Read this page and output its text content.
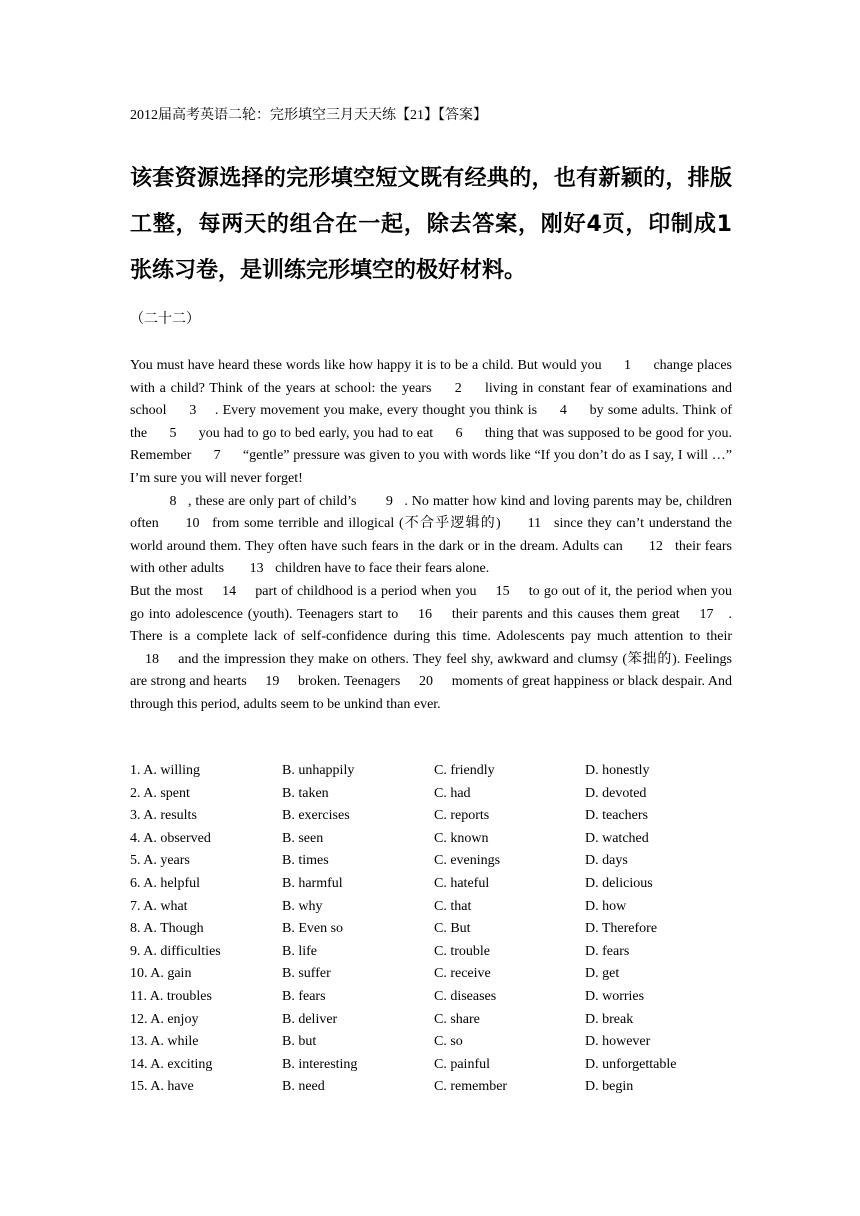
2012届高考英语二轮：完形填空三月天天练【21】【答案】
该套资源选择的完形填空短文既有经典的，也有新颖的，排版工整，每两天的组合在一起，除去答案，刚好4页，印制成1张练习卷，是训练完形填空的极好材料。
（二十二）

You must have heard these words like how happy it is to be a child. But would you 1 change places with a child? Think of the years at school: the years 2 living in constant fear of examinations and school 3 . Every movement you make, every thought you think is 4 by some adults. Think of the 5 you had to go to bed early, you had to eat 6 thing that was supposed to be good for you. Remember 7 “gentle” pressure was given to you with words like “If you don’t do as I say, I will …” I’m sure you will never forget!

8 , these are only part of child’s 9 . No matter how kind and loving parents may be, children often 10 from some terrible and illogical (不合乎逻辑的) 11 since they can’t understand the world around them. They often have such fears in the dark or in the dream. Adults can 12 their fears with other adults 13 children have to face their fears alone.

But the most 14 part of childhood is a period when you 15 to go out of it, the period when you go into adolescence (youth). Teenagers start to 16 their parents and this causes them great 17 . There is a complete lack of self-confidence during this time. Adolescents pay much attention to their 18 and the impression they make on others. They feel shy, awkward and clumsy (笨拙的). Feelings are strong and hearts 19 broken. Teenagers 20 moments of great happiness or black despair. And through this period, adults seem to be unkind than ever.

1. A. willing	B. unhappily	C. friendly	D. honestly
2. A. spent	B. taken	C. had	D. devoted
3. A. results	B. exercises	C. reports	D. teachers
4. A. observed	B. seen	C. known	D. watched
5. A. years	B. times	C. evenings	D. days
6. A. helpful	B. harmful	C. hateful	D. delicious
7. A. what	B. why	C. that	D. how
8. A. Though	B. Even so	C. But	D. Therefore
9. A. difficulties	B. life	C. trouble	D. fears
10. A. gain	B. suffer	C. receive	D. get
11. A. troubles	B. fears	C. diseases	D. worries
12. A. enjoy	B. deliver	C. share	D. break
13. A. while	B. but	C. so	D. however
14. A. exciting	B. interesting	C. painful	D. unforgettable
15. A. have	B. need	C. remember	D. begin
